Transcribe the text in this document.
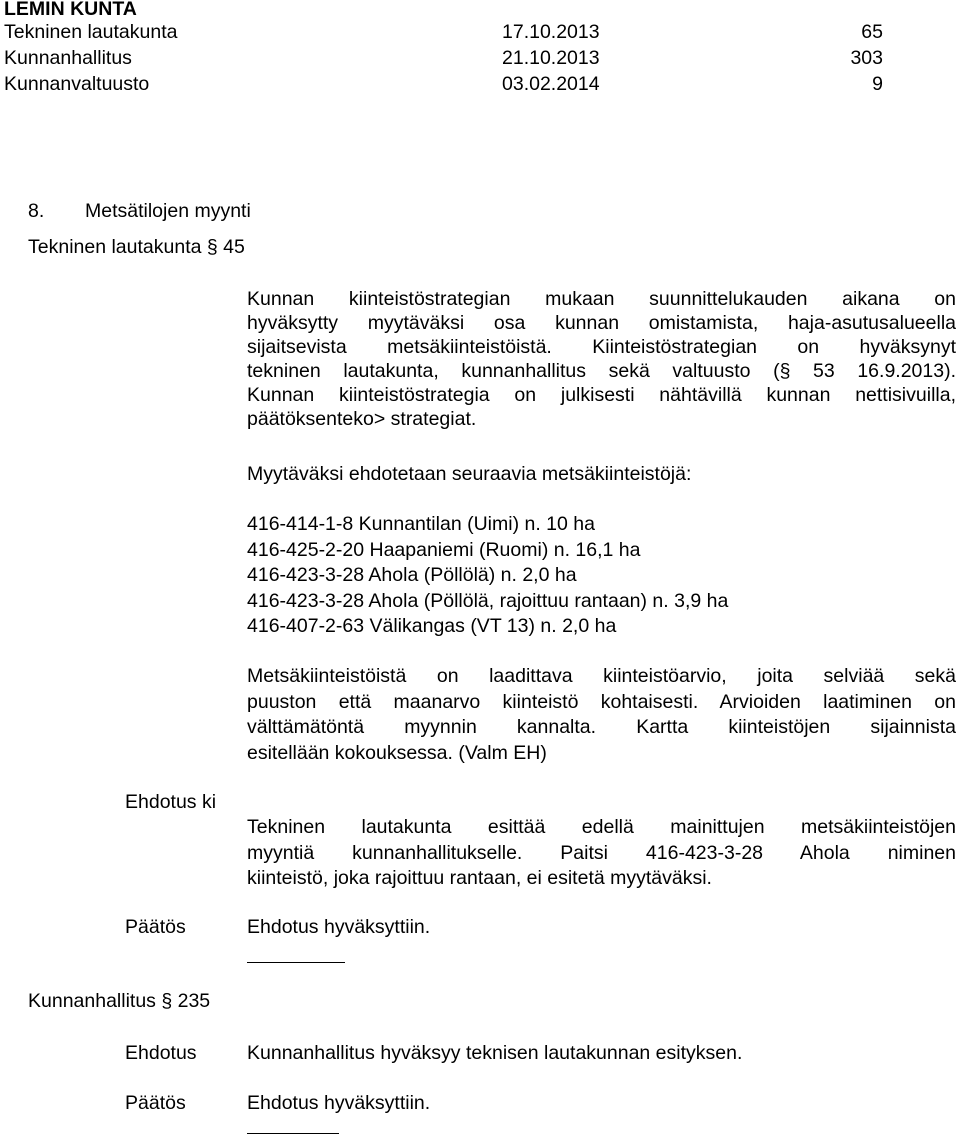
LEMIN KUNTA
Tekninen lautakunta	17.10.2013	65
Kunnanhallitus	21.10.2013	303
Kunnanvaltuusto	03.02.2014	9
8. Metsätilojen myynti
Tekninen lautakunta § 45
Kunnan kiinteistöstrategian mukaan suunnittelukauden aikana on
hyväksytty myytäväksi osa kunnan omistamista, haja-asutusalueella
sijaitsevista metsäkiinteistöistä. Kiinteistöstrategian on hyväksynyt
tekninen lautakunta, kunnanhallitus sekä valtuusto (§ 53 16.9.2013).
Kunnan kiinteistöstrategia on julkisesti nähtävillä kunnan nettisivuilla,
päätöksenteko> strategiat.
Myytäväksi ehdotetaan seuraavia metsäkiinteistöjä:
416-414-1-8 Kunnantilan (Uimi) n. 10 ha
416-425-2-20 Haapaniemi (Ruomi) n. 16,1 ha
416-423-3-28 Ahola (Pöllölä) n. 2,0 ha
416-423-3-28 Ahola (Pöllölä, rajoittuu rantaan) n. 3,9 ha
416-407-2-63 Välikangas (VT 13) n. 2,0 ha
Metsäkiinteistöistä on laadittava kiinteistöarvio, joita selviää sekä
puuston että maanarvo kiinteistö kohtaisesti. Arvioiden laatiminen on
välttämätöntä myynnin kannalta. Kartta kiinteistöjen sijainnista
esitellään kokouksessa. (Valm EH)
Ehdotus ki
Tekninen lautakunta esittää edellä mainittujen metsäkiinteistöjen
myyntiä kunnanhallitukselle. Paitsi 416-423-3-28 Ahola niminen
kiinteistö, joka rajoittuu rantaan, ei esitetä myytäväksi.
Päätös	Ehdotus hyväksyttiin.
Kunnanhallitus § 235
Ehdotus	Kunnanhallitus hyväksyy teknisen lautakunnan esityksen.
Päätös	Ehdotus hyväksyttiin.
